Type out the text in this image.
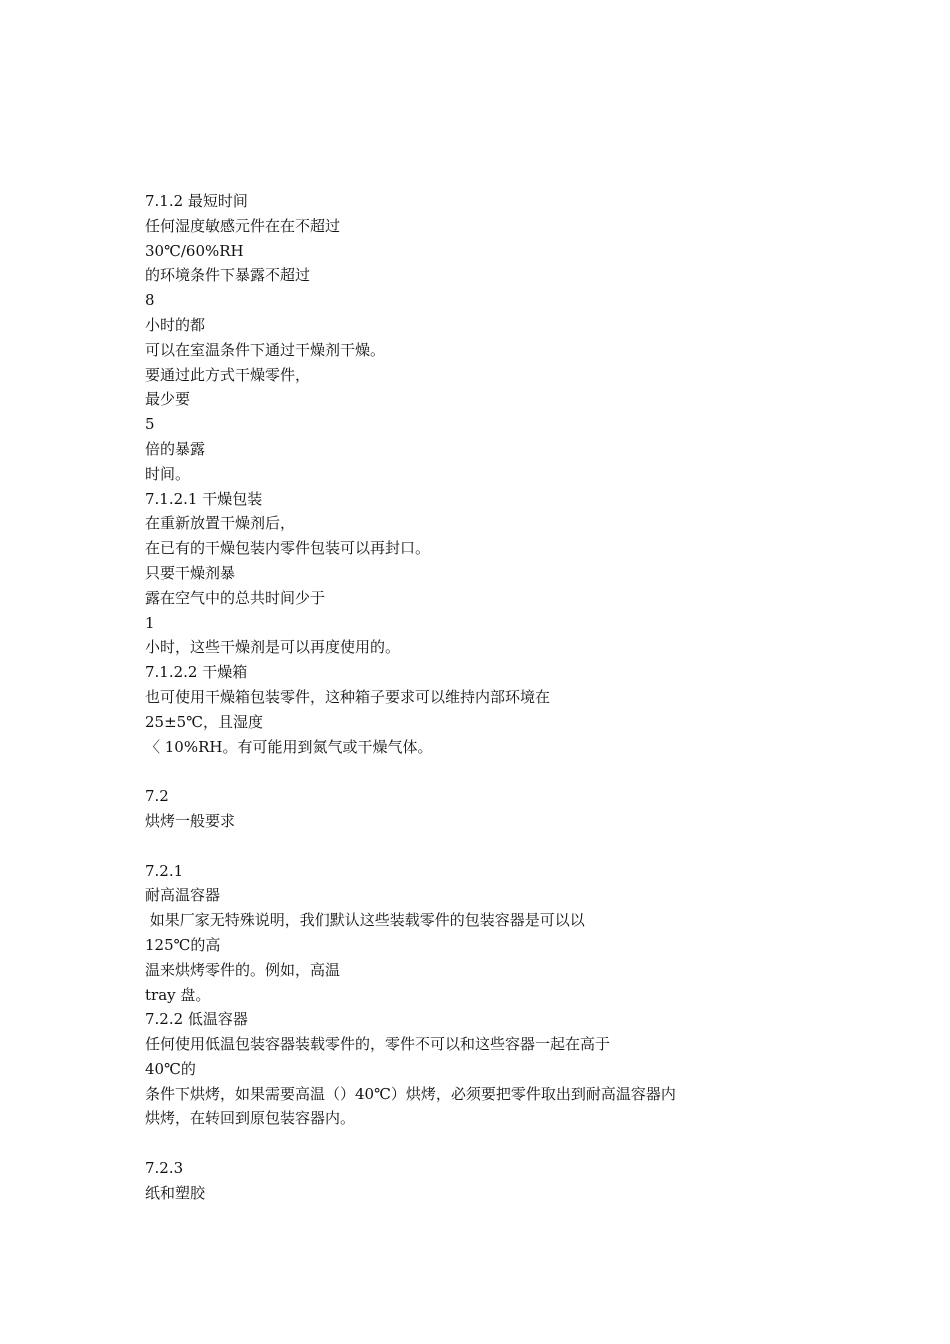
7.1.2 最短时间
任何湿度敏感元件在在不超过
30℃/60%RH
的环境条件下暴露不超过
8
小时的都
可以在室温条件下通过干燥剂干燥。
要通过此方式干燥零件，
最少要
5
倍的暴露
时间。
7.1.2.1 干燥包装
在重新放置干燥剂后，
在已有的干燥包装内零件包装可以再封口。
只要干燥剂暴
露在空气中的总共时间少于
1
小时，这些干燥剂是可以再度使用的。
7.1.2.2 干燥箱
也可使用干燥箱包装零件，这种箱子要求可以维持内部环境在
25±5℃，且湿度
〈 10%RH。有可能用到氮气或干燥气体。
7.2
烘烤一般要求
7.2.1
耐高温容器
如果厂家无特殊说明，我们默认这些装载零件的包装容器是可以以
125℃的高
温来烘烤零件的。例如，高温
tray 盘。
7.2.2 低温容器
任何使用低温包装容器装载零件的，零件不可以和这些容器一起在高于
40℃的
条件下烘烤，如果需要高温（）40℃）烘烤，必须要把零件取出到耐高温容器内
烘烤，在转回到原包装容器内。
7.2.3
纸和塑胶
